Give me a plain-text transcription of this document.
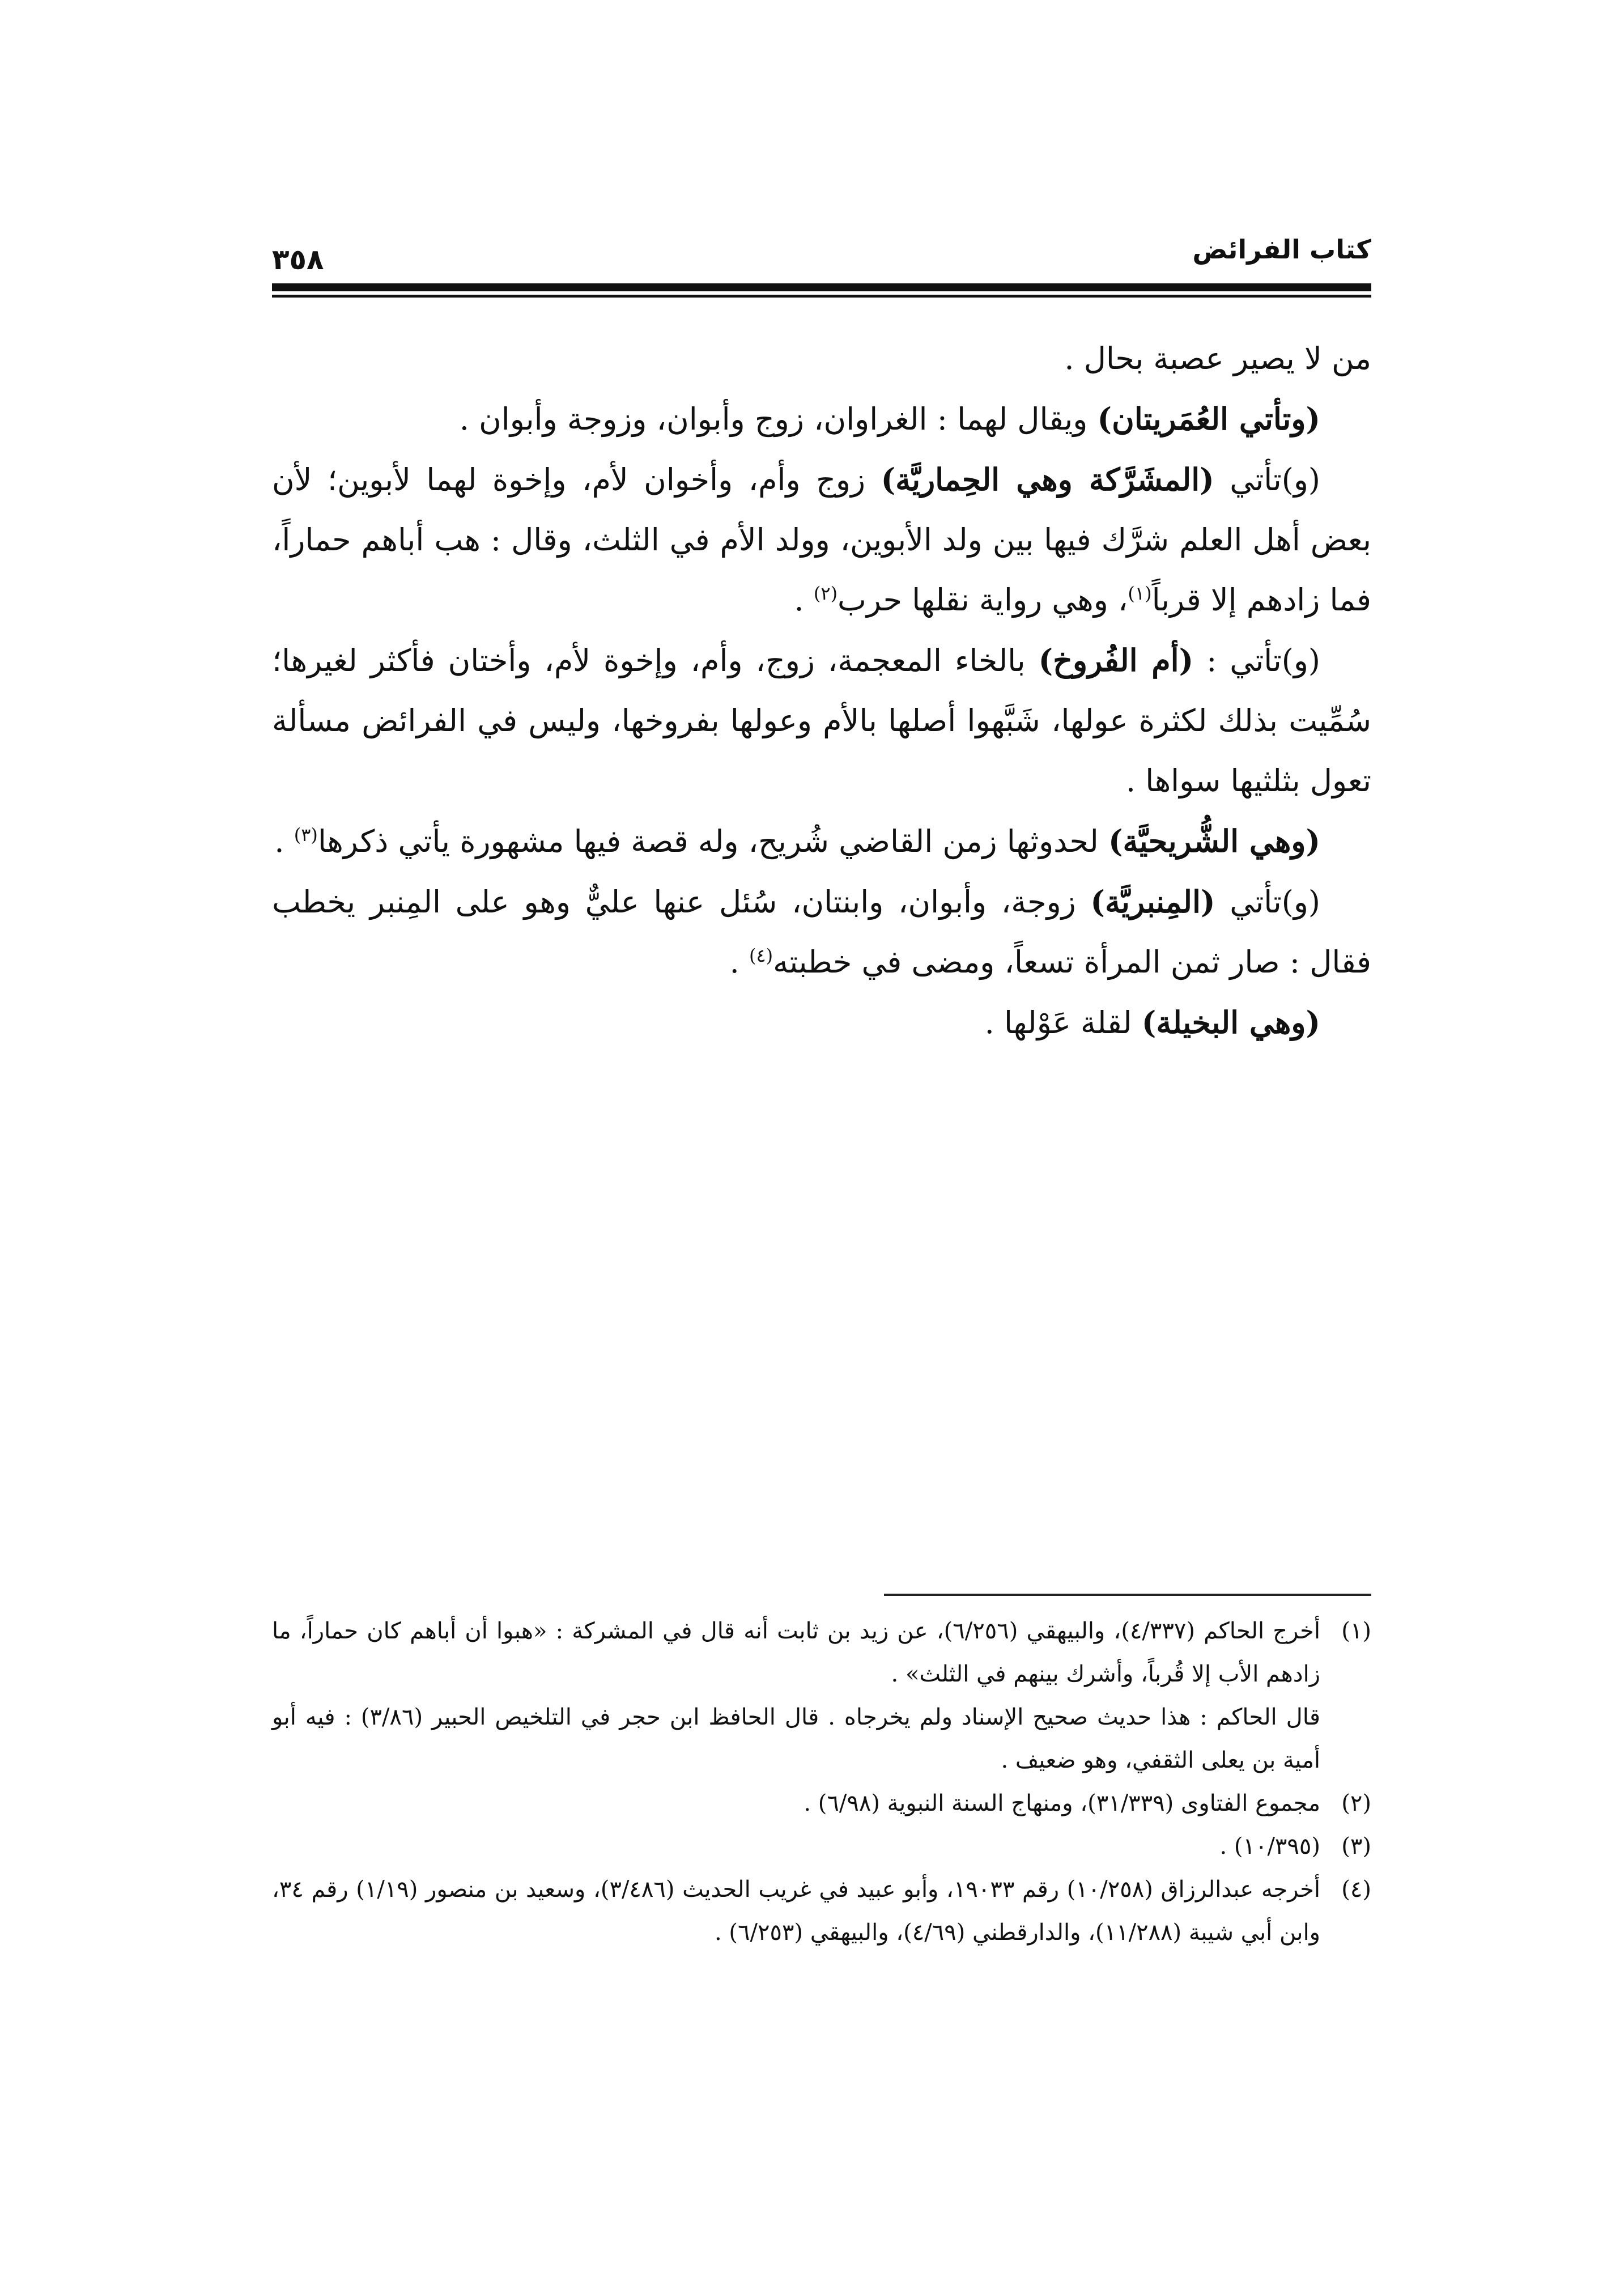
كتاب الفرائض
٣٥٨

من لا يصير عصبة بحال .

(وتأتي العُمَريتان) ويقال لهما : الغراوان، زوج وأبوان، وزوجة وأبوان .

(و)تأتي (المشَرَّكة وهي الحِماريَّة) زوج وأم، وأخوان لأم، وإخوة لهما لأبوين؛ لأن بعض أهل العلم شرَّك فيها بين ولد الأبوين، وولد الأم في الثلث، وقال : هب أباهم حماراً، فما زادهم إلا قرباً$^{(١)}$، وهي رواية نقلها حرب$^{(٢)}$ .

(و)تأتي : (أم الفُروخ) بالخاء المعجمة، زوج، وأم، وإخوة لأم، وأختان فأكثر لغيرها؛ سُمِّيت بذلك لكثرة عولها، شَبَّهوا أصلها بالأم وعولها بفروخها، وليس في الفرائض مسألة تعول بثلثيها سواها .

(وهي الشُّريحيَّة) لحدوثها زمن القاضي شُريح، وله قصة فيها مشهورة يأتي ذكرها$^{(٣)}$ .

(و)تأتي (المِنبريَّة) زوجة، وأبوان، وابنتان، سُئل عنها عليٌّ وهو على المِنبر يخطب فقال : صار ثمن المرأة تسعاً، ومضى في خطبته$^{(٤)}$ .

(وهي البخيلة) لقلة عَوْلها .

(١)أخرج الحاكم (٤/٣٣٧)، والبيهقي (٦/٢٥٦)، عن زيد بن ثابت أنه قال في المشركة : «هبوا أن أباهم كان حماراً، ما زادهم الأب إلا قُرباً، وأشرك بينهم في الثلث» .

قال الحاكم : هذا حديث صحيح الإسناد ولم يخرجاه . قال الحافظ ابن حجر في التلخيص الحبير (٣/٨٦) : فيه أبو أمية بن يعلى الثقفي، وهو ضعيف .

(٢)مجموع الفتاوى (٣١/٣٣٩)، ومنهاج السنة النبوية (٦/٩٨) .

(٣)(١٠/٣٩٥) .

(٤)أخرجه عبدالرزاق (١٠/٢٥٨) رقم ١٩٠٣٣، وأبو عبيد في غريب الحديث (٣/٤٨٦)، وسعيد بن منصور (١/١٩) رقم ٣٤، وابن أبي شيبة (١١/٢٨٨)، والدارقطني (٤/٦٩)، والبيهقي (٦/٢٥٣) .
